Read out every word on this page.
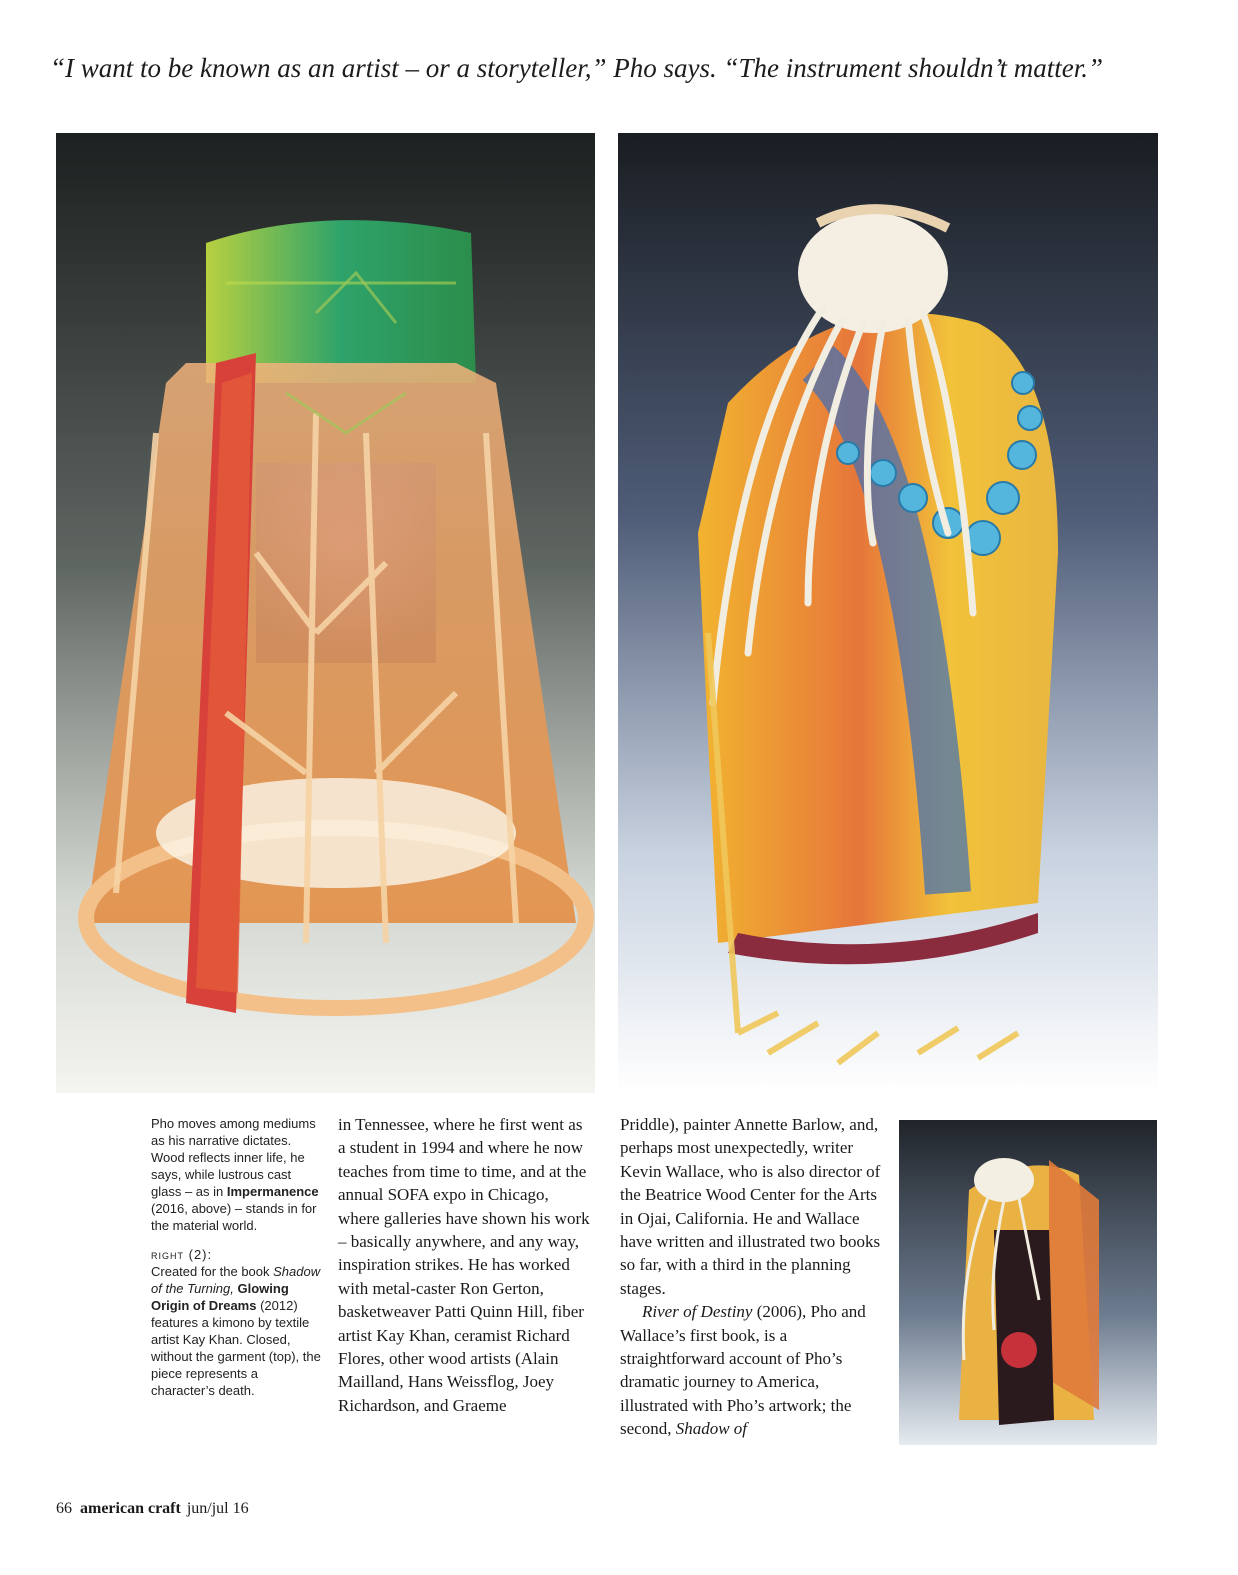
“I want to be known as an artist – or a storyteller,” Pho says. “The instrument shouldn’t matter.”

Pho moves among mediums as his narrative dictates. Wood reflects inner life, he says, while lustrous cast glass – as in Impermanence (2016, above) – stands in for the material world.

right (2):
Created for the book Shadow of the Turning, Glowing Origin of Dreams (2012) features a kimono by textile artist Kay Khan. Closed, without the garment (top), the piece represents a character’s death.

in Tennessee, where he first went as a student in 1994 and where he now teaches from time to time, and at the annual SOFA expo in Chicago, where galleries have shown his work – basically anywhere, and any way, inspiration strikes. He has worked with metal-caster Ron Gerton, basketweaver Patti Quinn Hill, fiber artist Kay Khan, ceramist Richard Flores, other wood artists (Alain Mailland, Hans Weissflog, Joey Richardson, and Graeme

Priddle), painter Annette Barlow, and, perhaps most unexpectedly, writer Kevin Wallace, who is also director of the Beatrice Wood Center for the Arts in Ojai, California. He and Wallace have written and illustrated two books so far, with a third in the planning stages.

River of Destiny (2006), Pho and Wallace’s first book, is a straightforward account of Pho’s dramatic journey to America, illustrated with Pho’s artwork; the second, Shadow of

66 american craft jun/jul 16
